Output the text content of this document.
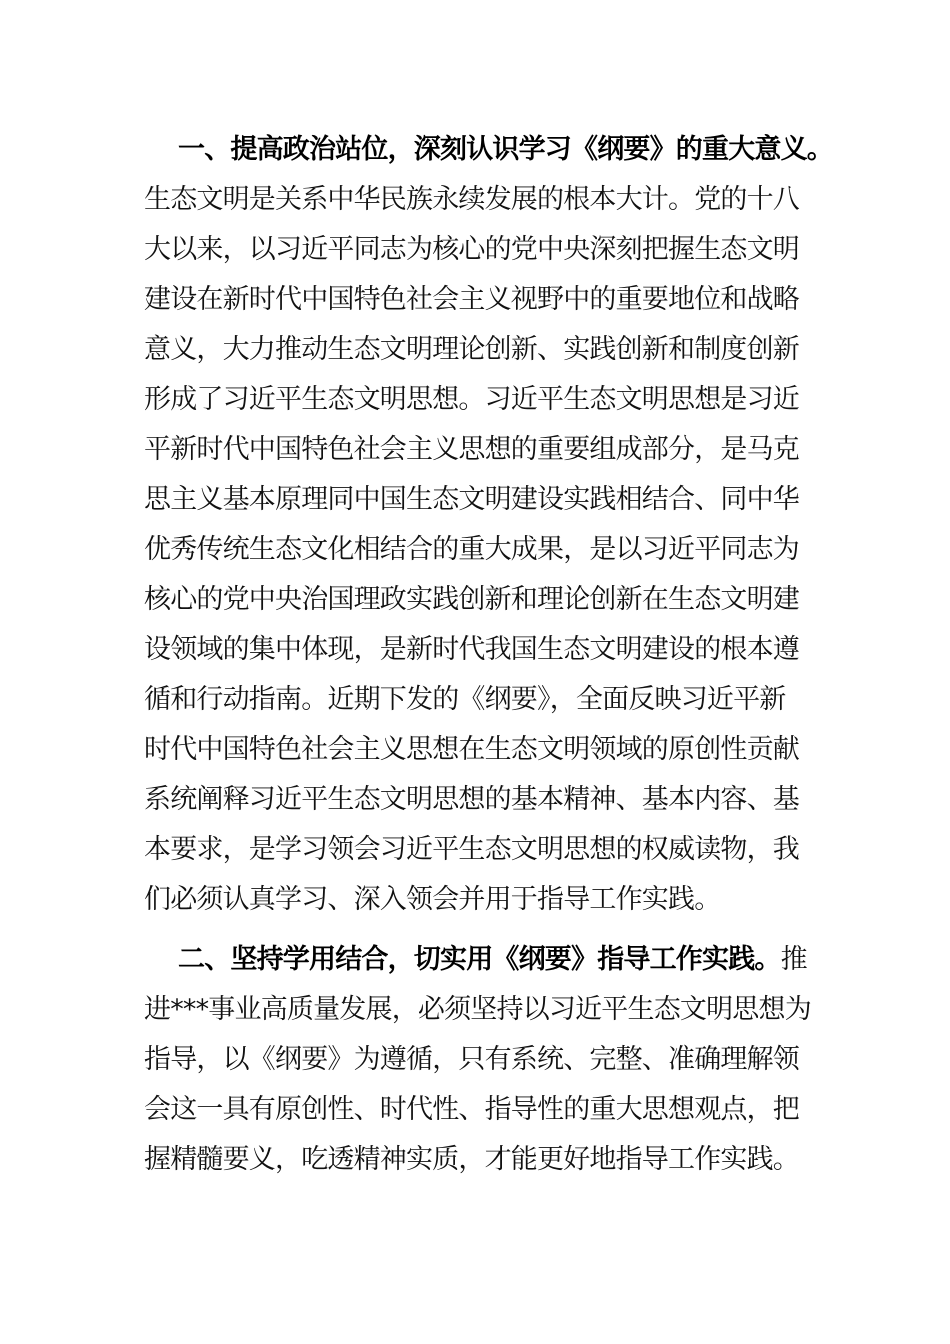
一、提高政治站位，深刻认识学习《纲要》的重大意义。
生态文明是关系中华民族永续发展的根本大计。党的十八
大以来，以习近平同志为核心的党中央深刻把握生态文明
建设在新时代中国特色社会主义视野中的重要地位和战略
意义，大力推动生态文明理论创新、实践创新和制度创新
形成了习近平生态文明思想。习近平生态文明思想是习近
平新时代中国特色社会主义思想的重要组成部分，是马克
思主义基本原理同中国生态文明建设实践相结合、同中华
优秀传统生态文化相结合的重大成果，是以习近平同志为
核心的党中央治国理政实践创新和理论创新在生态文明建
设领域的集中体现，是新时代我国生态文明建设的根本遵
循和行动指南。近期下发的《纲要》，全面反映习近平新
时代中国特色社会主义思想在生态文明领域的原创性贡献
系统阐释习近平生态文明思想的基本精神、基本内容、基
本要求，是学习领会习近平生态文明思想的权威读物，我
们必须认真学习、深入领会并用于指导工作实践。
二、坚持学用结合，切实用《纲要》指导工作实践。推
进***事业高质量发展，必须坚持以习近平生态文明思想为
指导，以《纲要》为遵循，只有系统、完整、准确理解领
会这一具有原创性、时代性、指导性的重大思想观点，把
握精髓要义，吃透精神实质，才能更好地指导工作实践。
